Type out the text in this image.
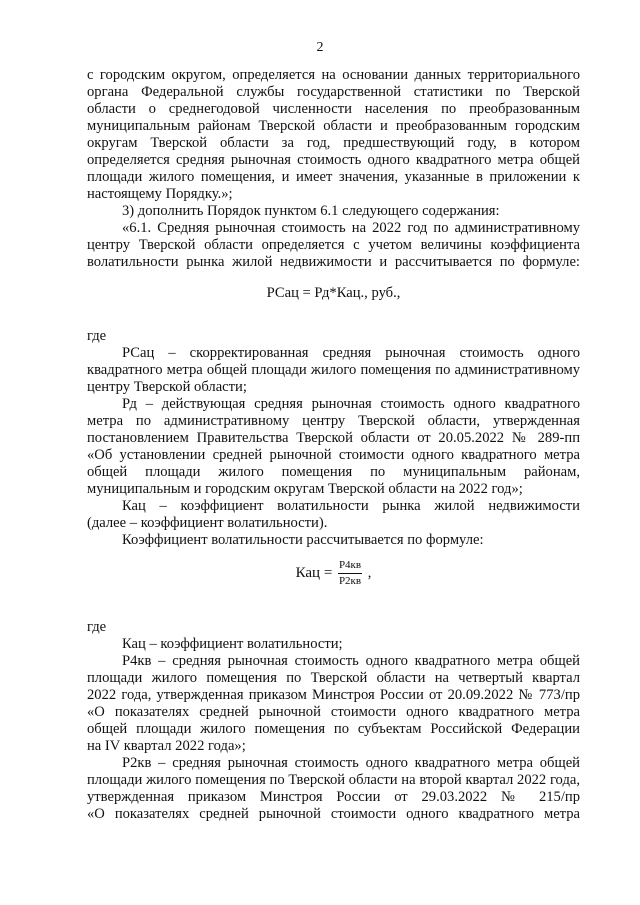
2
с городским округом, определяется на основании данных территориального
органа Федеральной службы государственной статистики по Тверской
области о среднегодовой численности населения по преобразованным
муниципальным районам Тверской области и преобразованным городским
округам Тверской области за год, предшествующий году, в котором
определяется средняя рыночная стоимость одного квадратного метра общей
площади жилого помещения, и имеет значения, указанные в приложении к
настоящему Порядку.»;
3) дополнить Порядок пунктом 6.1 следующего содержания:
«6.1. Средняя рыночная стоимость на 2022 год по административному
центру Тверской области определяется с учетом величины коэффициента
волатильности рынка жилой недвижимости и рассчитывается по формуле:
РСац = Рд*Кац., руб.,
где
РСац – скорректированная средняя рыночная стоимость одного
квадратного метра общей площади жилого помещения по административному
центру Тверской области;
Рд – действующая средняя рыночная стоимость одного квадратного
метра по административному центру Тверской области, утвержденная
постановлением Правительства Тверской области от 20.05.2022 № 289-пп
«Об установлении средней рыночной стоимости одного квадратного метра
общей площади жилого помещения по муниципальным районам,
муниципальным и городским округам Тверской области на 2022 год»;
Кац – коэффициент волатильности рынка жилой недвижимости
(далее – коэффициент волатильности).
Коэффициент волатильности рассчитывается по формуле:
Кац = $\frac{Р4кв}{Р2кв}$ ,
где
Кац – коэффициент волатильности;
Р4кв – средняя рыночная стоимость одного квадратного метра общей
площади жилого помещения по Тверской области на четвертый квартал
2022 года, утвержденная приказом Минстроя России от 20.09.2022 № 773/пр
«О показателях средней рыночной стоимости одного квадратного метра
общей площади жилого помещения по субъектам Российской Федерации
на IV квартал 2022 года»;
Р2кв – средняя рыночная стоимость одного квадратного метра общей
площади жилого помещения по Тверской области на второй квартал 2022 года,
утвержденная приказом Минстроя России от 29.03.2022 № 215/пр
«О показателях средней рыночной стоимости одного квадратного метра
